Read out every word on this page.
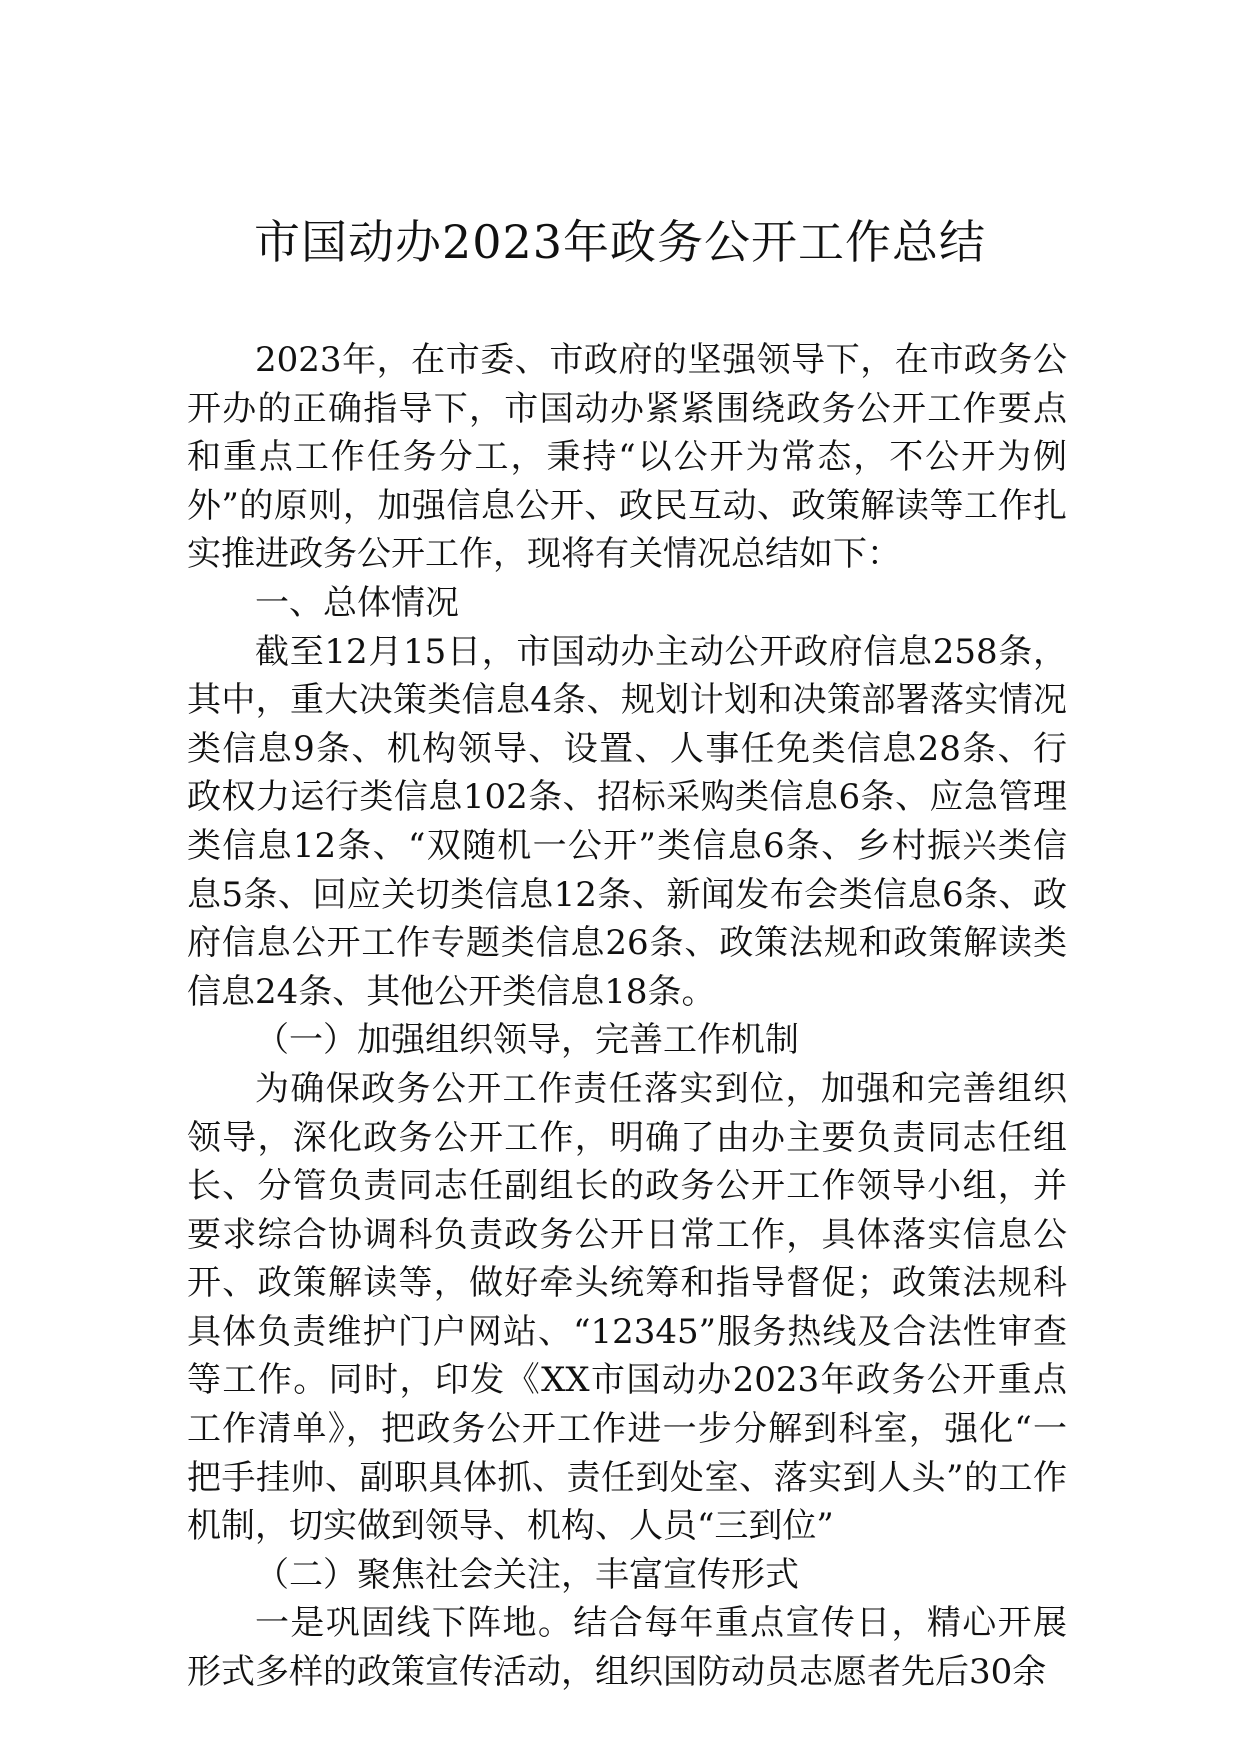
市国动办2023年政务公开工作总结

2023年，在市委、市政府的坚强领导下，在市政务公开办的正确指导下，市国动办紧紧围绕政务公开工作要点和重点工作任务分工，秉持“以公开为常态，不公开为例外”的原则，加强信息公开、政民互动、政策解读等工作扎实推进政务公开工作，现将有关情况总结如下：

一、总体情况

截至12月15日，市国动办主动公开政府信息258条，其中，重大决策类信息4条、规划计划和决策部署落实情况类信息9条、机构领导、设置、人事任免类信息28条、行政权力运行类信息102条、招标采购类信息6条、应急管理类信息12条、“双随机一公开”类信息6条、乡村振兴类信息5条、回应关切类信息12条、新闻发布会类信息6条、政府信息公开工作专题类信息26条、政策法规和政策解读类信息24条、其他公开类信息18条。

（一）加强组织领导，完善工作机制

为确保政务公开工作责任落实到位，加强和完善组织领导，深化政务公开工作，明确了由办主要负责同志任组长、分管负责同志任副组长的政务公开工作领导小组，并要求综合协调科负责政务公开日常工作，具体落实信息公开、政策解读等，做好牵头统筹和指导督促；政策法规科具体负责维护门户网站、“12345”服务热线及合法性审查等工作。同时，印发《XX市国动办2023年政务公开重点工作清单》，把政务公开工作进一步分解到科室，强化“一把手挂帅、副职具体抓、责任到处室、落实到人头”的工作机制，切实做到领导、机构、人员“三到位”

（二）聚焦社会关注，丰富宣传形式

一是巩固线下阵地。结合每年重点宣传日，精心开展形式多样的政策宣传活动，组织国防动员志愿者先后30余
